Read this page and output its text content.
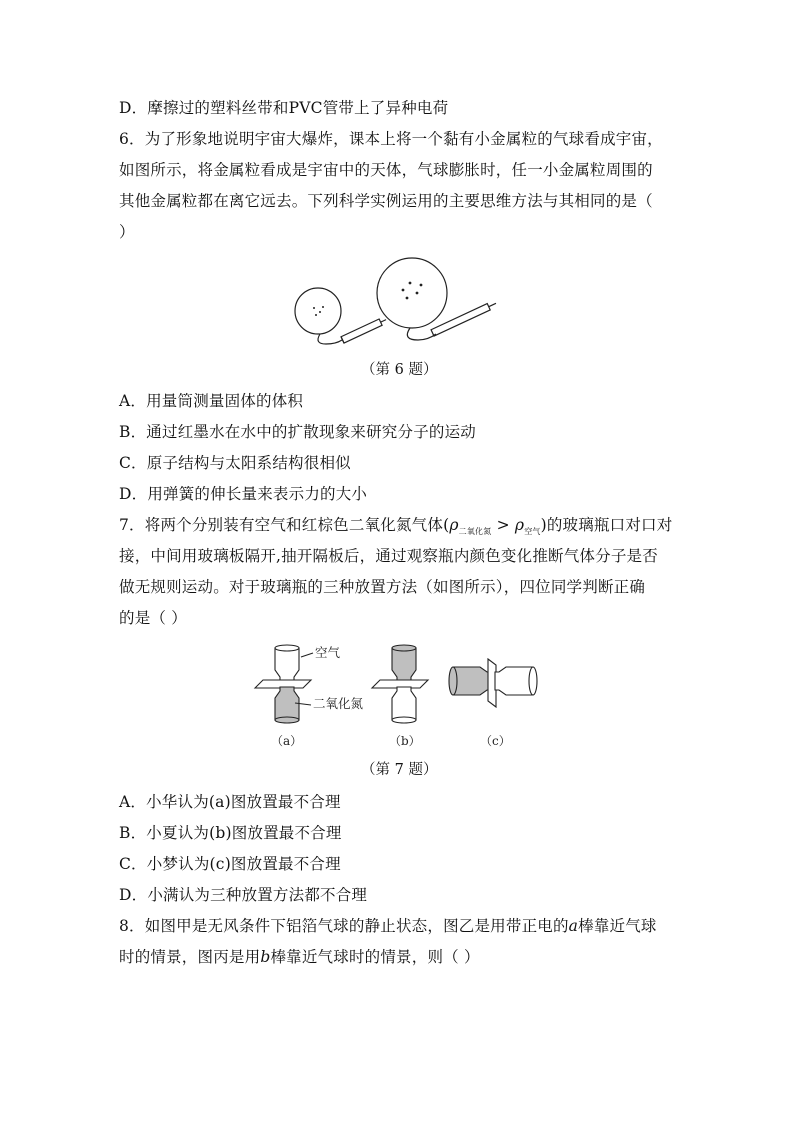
D．摩擦过的塑料丝带和PVC管带上了异种电荷
6．为了形象地说明宇宙大爆炸，课本上将一个黏有小金属粒的气球看成宇宙，
如图所示，将金属粒看成是宇宙中的天体，气球膨胀时，任一小金属粒周围的
其他金属粒都在离它远去。下列科学实例运用的主要思维方法与其相同的是（
）
（第 6 题）
A．用量筒测量固体的体积
B．通过红墨水在水中的扩散现象来研究分子的运动
C．原子结构与太阳系结构很相似
D．用弹簧的伸长量来表示力的大小
7．将两个分别装有空气和红棕色二氧化氮气体$(\rho_{二氧化氮} > \rho_{空气})$的玻璃瓶口对口对
接，中间用玻璃板隔开,抽开隔板后，通过观察瓶内颜色变化推断气体分子是否
做无规则运动。对于玻璃瓶的三种放置方法（如图所示），四位同学判断正确
的是（ ）
空气
二氧化氮
（a）	（b）	（c）
（第 7 题）
A．小华认为(a)图放置最不合理
B．小夏认为(b)图放置最不合理
C．小梦认为(c)图放置最不合理
D．小满认为三种放置方法都不合理
8．如图甲是无风条件下铝箔气球的静止状态，图乙是用带正电的a棒靠近气球
时的情景，图丙是用b棒靠近气球时的情景，则（ ）
